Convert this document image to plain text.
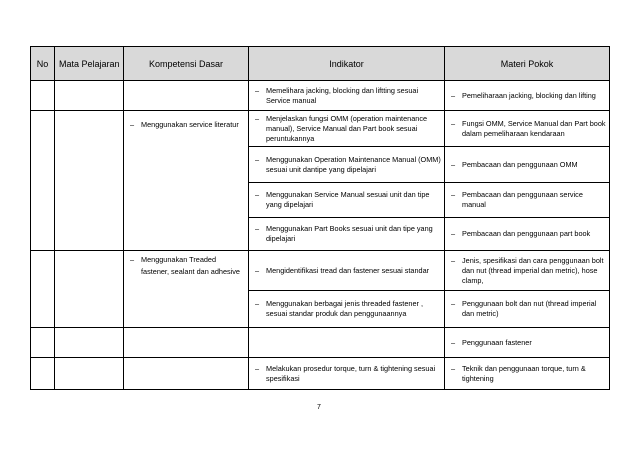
No	Mata Pelajaran	Kompetensi Dasar	Indikator	Materi Pokok

			– Memelihara jacking, blocking dan liftting sesuai Service manual	– Pemeliharaan jacking, blocking dan lifting

		– Menggunakan service literatur	– Menjelaskan fungsi OMM (operation maintenance manual), Service Manual dan Part book sesuai peruntukannya	– Fungsi OMM, Service Manual dan Part book dalam pemeliharaan kendaraan

			– Menggunakan Operation Maintenance Manual (OMM) sesuai unit dantipe yang dipelajari	– Pembacaan dan penggunaan OMM

			– Menggunakan Service Manual sesuai unit dan tipe yang dipelajari	– Pembacaan dan penggunaan service manual

			– Menggunakan Part Books sesuai unit dan tipe yang dipelajari	– Pembacaan dan penggunaan part book

		– Menggunakan Treaded fastener, sealant dan adhesive	– Mengidentifikasi tread dan fastener sesuai standar	– Jenis, spesifikasi dan cara penggunaan bolt dan nut (thread imperial dan metric), hose clamp,

			– Menggunakan berbagai jenis threaded fastener , sesuai standar produk dan penggunaannya	– Penggunaan bolt dan nut (thread imperial dan metric)

				– Penggunaan fastener

			– Melakukan prosedur torque, turn & tightening sesuai spesifikasi	– Teknik dan penggunaan torque, turn & tightening
7
